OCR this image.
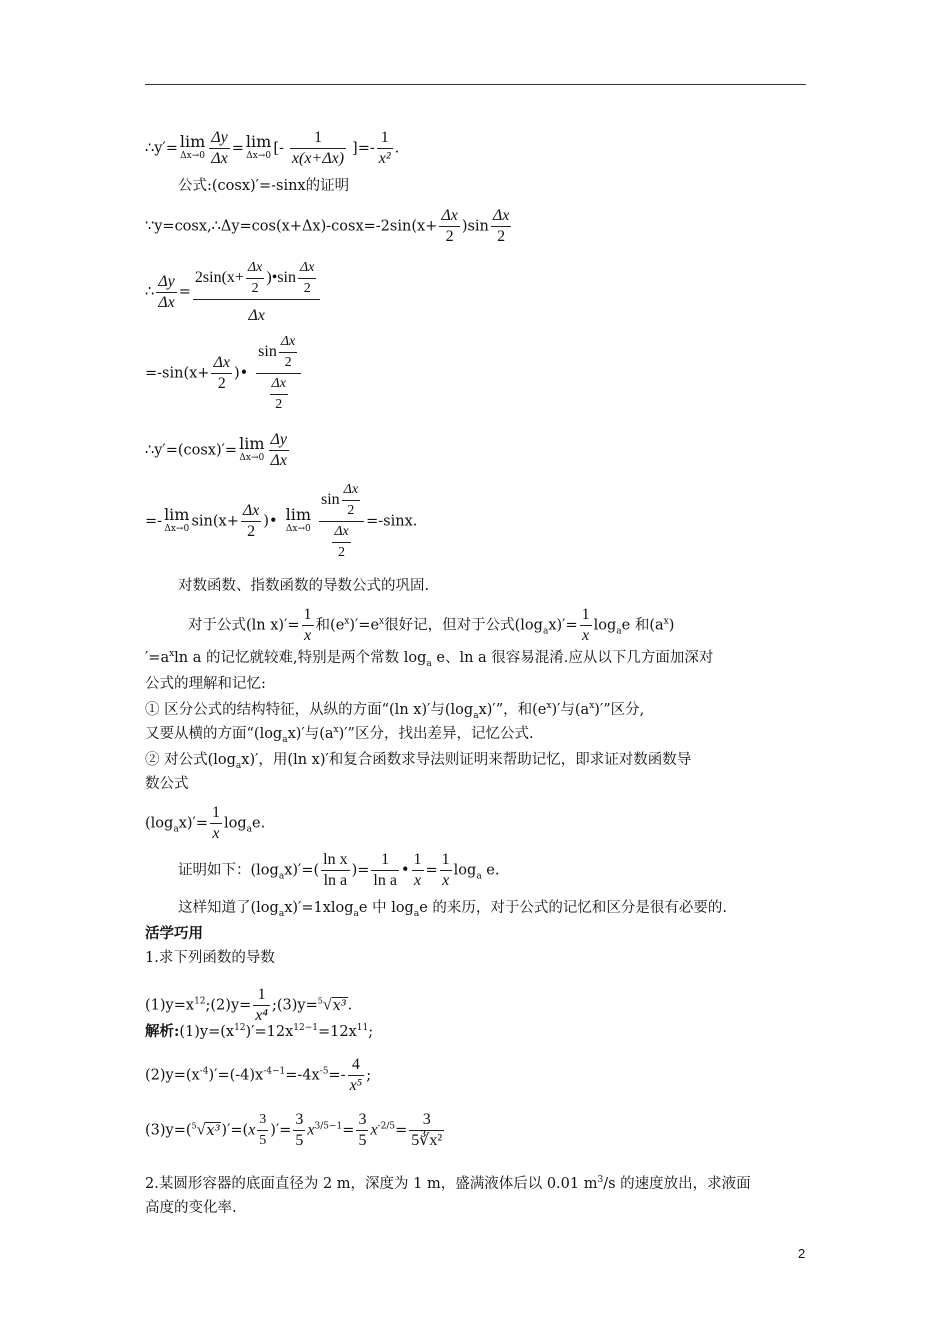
∴y′= lim
$\Delta x\to 0 \frac{\Delta y}{\Delta x} = \lim$
Δx→0 [- $\frac{1}{x(x+\Delta x)}$ ]=- $\frac{1}{\text{x²}}$ .
公式:(cosx)′=-sinx的证明
∵y=cosx,∴Δy=cos(x+Δx)-cosx=-2sin(x+ $\frac{\Delta x}{2} )\sin \frac{\Delta x}{2}$
∴ $\frac{\Delta y}{\Delta x} = \frac{2\sin(x+ \frac{\Delta x}{2} )•\sin \frac{\Delta x}{2}}{\Delta x}$
$=-\sin(x+ \frac{\Delta x}{2}$ )• $\frac{\sin \frac{\Delta x}{2}}{\frac{\Delta x}{2}}$
∴y′=(cosx)′= lim
$\Delta x\to 0 \frac{\Delta y}{\Delta x}$
=- lim
Δx→0 $\sin(x+ \frac{\Delta x}{2}$ )• lim
$\Delta x\to 0 \frac{\sin \frac{\Delta x}{2}}{\frac{\Delta x}{2}} =-\sin x$.
对数函数、指数函数的导数公式的巩固.
对于公式(ln $x)'= \frac{1}{x}$ 和$(e^x)'=e^x$很好记，但对于公式$(\log_ax)'= \frac{1}{x} \log_ae$ 和$(a^x)$
$'=a^x\ln$ a 的记忆就较难,特别是两个常数 $\log_a e$、ln a 很容易混淆.应从以下几方面加深对
公式的理解和记忆:
① 区分公式的结构特征，从纵的方面“(ln x)′与$(\log_ax)'$”，和$(e^x)'$与$(a^x)'$”区分,
又要从横的方面“$(\log_ax)'$与$(a^x)'$”区分，找出差异，记忆公式.
② 对公式$(\log_ax)'$，用(ln x)′和复合函数求导法则证明来帮助记忆，即求证对数函数导
数公式
$(\log_ax)'= \frac{1}{x} \log_ae$.
证明如下：$(\log_ax)'=( \frac{\text{ln x}}{\text{ln a}}$ )= $\frac{1}{\text{ln a}}$ • $\frac{1}{x} = \frac{1}{x} \log_a e$.
这样知道了$(\log_ax)'=1xlog_ae$ 中 $\log_ae$ 的来历，对于公式的记忆和区分是很有必要的.
活学巧用
1.求下列函数的导数
$(1)y=x^{12};(2)y= \frac{1}{\text{x⁴}}$ ;(3)y=$^5$√x³.
解析$:(1)y=(x^{12})'=12x^{12-1}=12x^{11}$;
$(2)y=(x^{-4})'=(-4)x^{-4-1}=-4x^{-5}=- \frac{4}{\text{x⁵}}$ ;
$(3)y=(^5√x^3)'=(x \frac{3}{5}$ )′= $\frac{3}{5} x^{3/5-1}= \frac{3}{5} x^{-2/5}= \frac{3}{\text{5∛x²}}$
2.某圆形容器的底面直径为 2 m，深度为 1 m，盛满液体后以 0.01 $m^3/s$ 的速度放出，求液面
高度的变化率.
2
